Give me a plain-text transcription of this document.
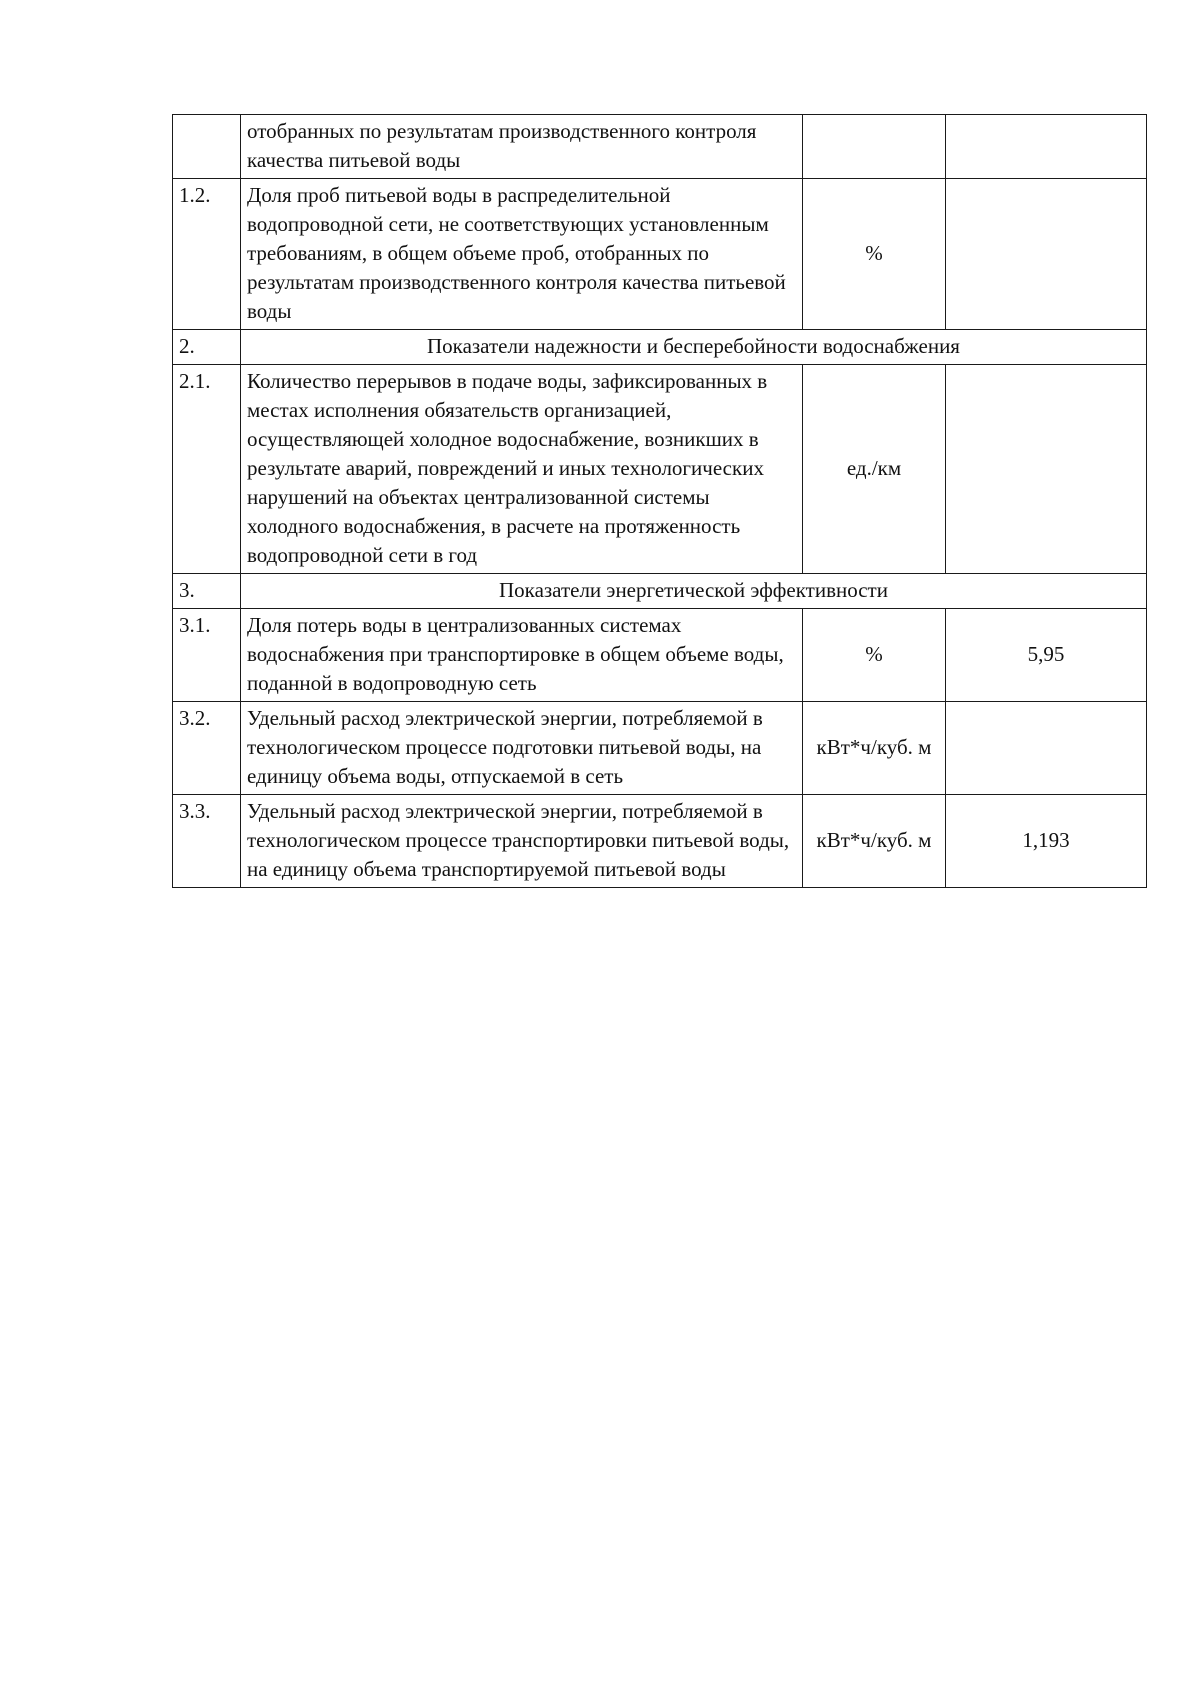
	отобранных по результатам производственного контроля качества питьевой воды		
1.2.	Доля проб питьевой воды в распределительной водопроводной сети, не соответствующих установленным требованиям, в общем объеме проб, отобранных по результатам производственного контроля качества питьевой воды	%	
2.	Показатели надежности и бесперебойности водоснабжения		
2.1.	Количество перерывов в подаче воды, зафиксированных в местах исполнения обязательств организацией, осуществляющей холодное водоснабжение, возникших в результате аварий, повреждений и иных технологических нарушений на объектах централизованной системы холодного водоснабжения, в расчете на протяженность водопроводной сети в год	ед./км	
3.	Показатели энергетической эффективности		
3.1.	Доля потерь воды в централизованных системах водоснабжения при транспортировке в общем объеме воды, поданной в водопроводную сеть	%	5,95
3.2.	Удельный расход электрической энергии, потребляемой в технологическом процессе подготовки питьевой воды, на единицу объема воды, отпускаемой в сеть	кВт*ч/куб. м	
3.3.	Удельный расход электрической энергии, потребляемой в технологическом процессе транспортировки питьевой воды, на единицу объема транспортируемой питьевой воды	кВт*ч/куб. м	1,193
